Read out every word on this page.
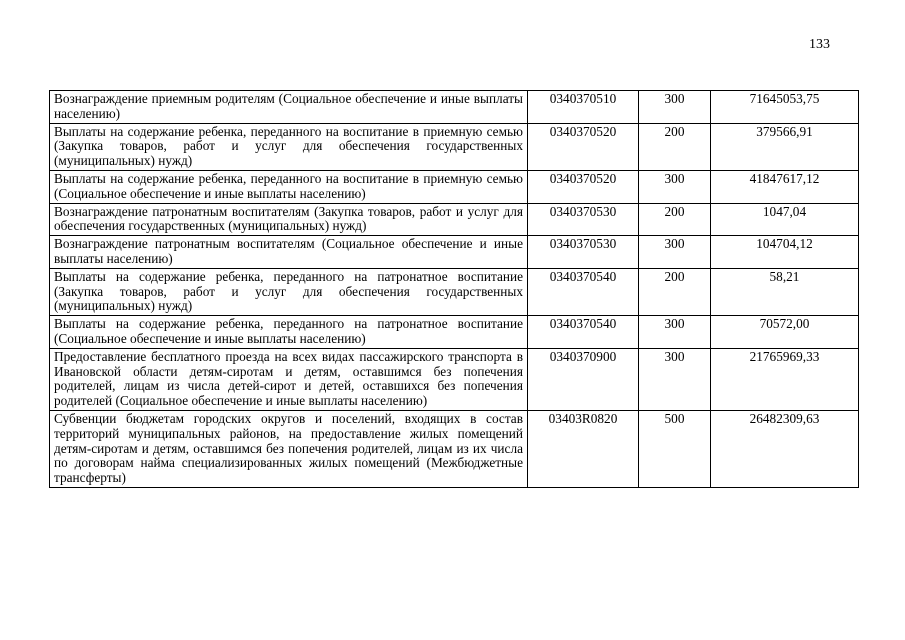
133
Вознаграждение приемным родителям (Социальное обеспечение и иные выплаты населению)	0340370510	300	71645053,75
Выплаты на содержание ребенка, переданного на воспитание в приемную семью (Закупка товаров, работ и услуг для обеспечения государственных (муниципальных) нужд)	0340370520	200	379566,91
Выплаты на содержание ребенка, переданного на воспитание в приемную семью (Социальное обеспечение и иные выплаты населению)	0340370520	300	41847617,12
Вознаграждение патронатным воспитателям (Закупка товаров, работ и услуг для обеспечения государственных (муниципальных) нужд)	0340370530	200	1047,04
Вознаграждение патронатным воспитателям (Социальное обеспечение и иные выплаты населению)	0340370530	300	104704,12
Выплаты на содержание ребенка, переданного на патронатное воспитание (Закупка товаров, работ и услуг для обеспечения государственных (муниципальных) нужд)	0340370540	200	58,21
Выплаты на содержание ребенка, переданного на патронатное воспитание (Социальное обеспечение и иные выплаты населению)	0340370540	300	70572,00
Предоставление бесплатного проезда на всех видах пассажирского транспорта в Ивановской области детям-сиротам и детям, оставшимся без попечения родителей, лицам из числа детей-сирот и детей, оставшихся без попечения родителей (Социальное обеспечение и иные выплаты населению)	0340370900	300	21765969,33
Субвенции бюджетам городских округов и поселений, входящих в состав территорий муниципальных районов, на предоставление жилых помещений детям-сиротам и детям, оставшимся без попечения родителей, лицам из их числа по договорам найма специализированных жилых помещений (Межбюджетные трансферты)	03403R0820	500	26482309,63
